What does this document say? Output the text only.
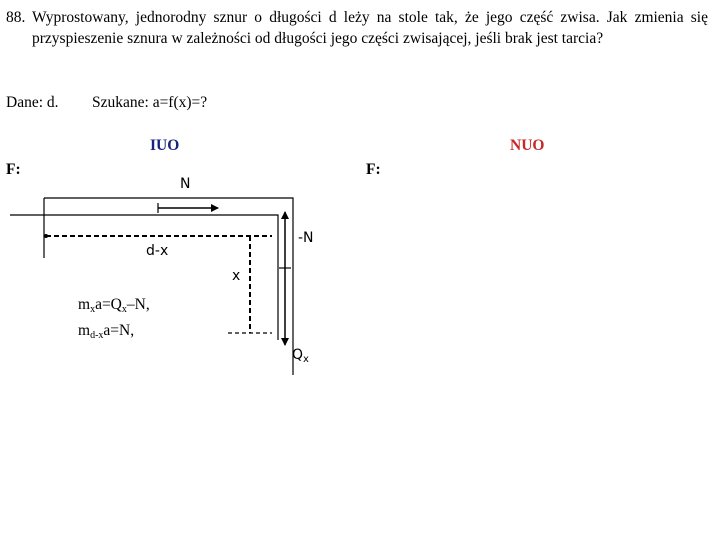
88. Wyprostowany, jednorodny sznur o długości d leży na stole tak, że jego część zwisa. Jak zmienia się przyspieszenie sznura w zależności od długości jego części zwisającej, jeśli brak jest tarcia?
Dane: d. Szukane: a=f(x)=?
IUO	NUO
F:	F:
N
-N
d-x
x
$Q_x$
$m_xa=Q_x-N$,
$m_{d-x}a=N$,
